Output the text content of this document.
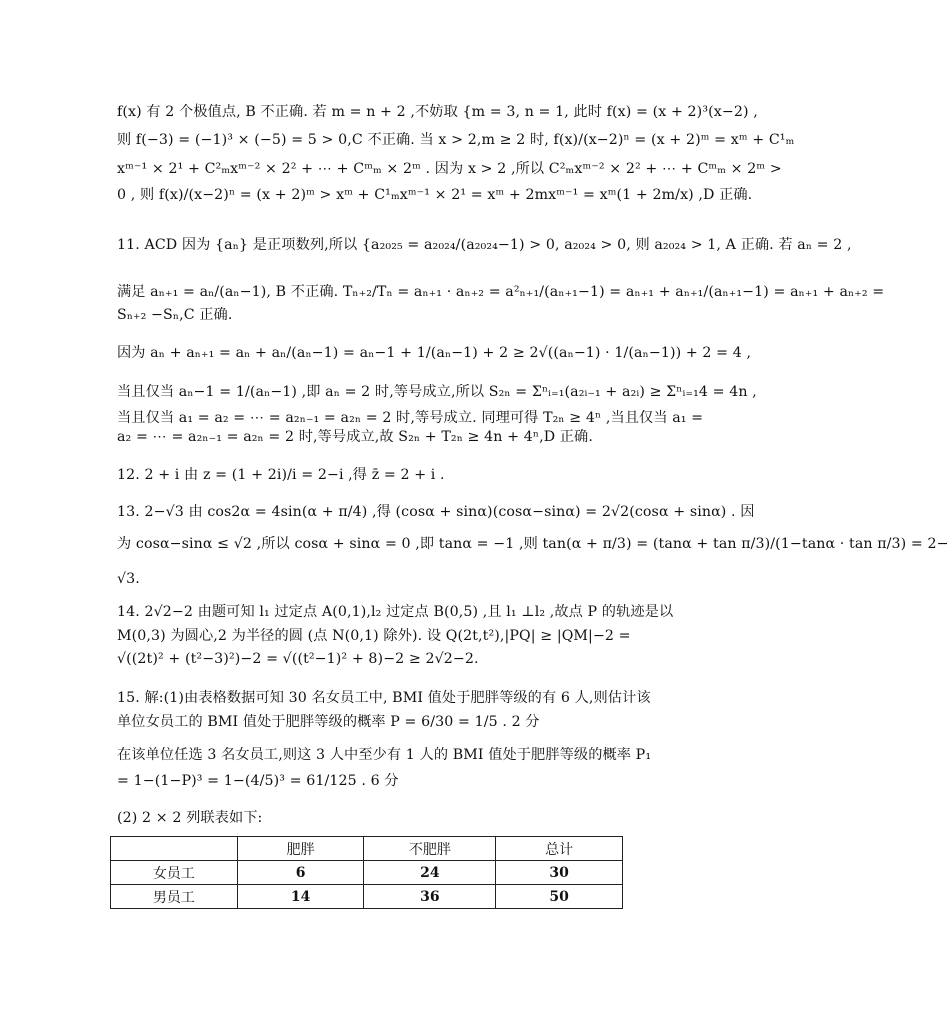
f(x) 有 2 个极值点, B 不正确. 若 m = n + 2 ,不妨取 {m = 3, n = 1, 此时 f(x) = (x + 2)³(x−2) ,
则 f(−3) = (−1)³ × (−5) = 5 > 0,C 不正确. 当 x > 2,m ≥ 2 时, f(x)/(x−2)ⁿ = (x + 2)ᵐ = xᵐ + C¹ₘ
xᵐ⁻¹ × 2¹ + C²ₘxᵐ⁻² × 2² + ⋯ + Cᵐₘ × 2ᵐ . 因为 x > 2 ,所以 C²ₘxᵐ⁻² × 2² + ⋯ + Cᵐₘ × 2ᵐ >
0 , 则 f(x)/(x−2)ⁿ = (x + 2)ᵐ > xᵐ + C¹ₘxᵐ⁻¹ × 2¹ = xᵐ + 2mxᵐ⁻¹ = xᵐ(1 + 2m/x) ,D 正确.
11. ACD 因为 {aₙ} 是正项数列,所以 {a₂₀₂₅ = a₂₀₂₄/(a₂₀₂₄−1) > 0, a₂₀₂₄ > 0, 则 a₂₀₂₄ > 1, A 正确. 若 aₙ = 2 ,
满足 aₙ₊₁ = aₙ/(aₙ−1), B 不正确. Tₙ₊₂/Tₙ = aₙ₊₁ · aₙ₊₂ = a²ₙ₊₁/(aₙ₊₁−1) = aₙ₊₁ + aₙ₊₁/(aₙ₊₁−1) = aₙ₊₁ + aₙ₊₂ =
Sₙ₊₂ −Sₙ,C 正确.
因为 aₙ + aₙ₊₁ = aₙ + aₙ/(aₙ−1) = aₙ−1 + 1/(aₙ−1) + 2 ≥ 2√((aₙ−1) · 1/(aₙ−1)) + 2 = 4 ,
当且仅当 aₙ−1 = 1/(aₙ−1) ,即 aₙ = 2 时,等号成立,所以 S₂ₙ = Σⁿᵢ₌₁(a₂ᵢ₋₁ + a₂ᵢ) ≥ Σⁿᵢ₌₁4 = 4n ,
当且仅当 a₁ = a₂ = ⋯ = a₂ₙ₋₁ = a₂ₙ = 2 时,等号成立. 同理可得 T₂ₙ ≥ 4ⁿ ,当且仅当 a₁ =
a₂ = ⋯ = a₂ₙ₋₁ = a₂ₙ = 2 时,等号成立,故 S₂ₙ + T₂ₙ ≥ 4n + 4ⁿ,D 正确.
12. 2 + i 由 z = (1 + 2i)/i = 2−i ,得 z̄ = 2 + i .
13. 2−√3 由 cos2α = 4sin(α + π/4) ,得 (cosα + sinα)(cosα−sinα) = 2√2(cosα + sinα) . 因
为 cosα−sinα ≤ √2 ,所以 cosα + sinα = 0 ,即 tanα = −1 ,则 tan(α + π/3) = (tanα + tan π/3)/(1−tanα · tan π/3) = 2−
√3.
14. 2√2−2 由题可知 l₁ 过定点 A(0,1),l₂ 过定点 B(0,5) ,且 l₁ ⊥l₂ ,故点 P 的轨迹是以
M(0,3) 为圆心,2 为半径的圆 (点 N(0,1) 除外). 设 Q(2t,t²),|PQ| ≥ |QM|−2 =
√((2t)² + (t²−3)²)−2 = √((t²−1)² + 8)−2 ≥ 2√2−2.
15. 解:(1)由表格数据可知 30 名女员工中, BMI 值处于肥胖等级的有 6 人,则估计该
单位女员工的 BMI 值处于肥胖等级的概率 P = 6/30 = 1/5 . 2 分
在该单位任选 3 名女员工,则这 3 人中至少有 1 人的 BMI 值处于肥胖等级的概率 P₁
= 1−(1−P)³ = 1−(4/5)³ = 61/125 . 6 分
(2) 2 × 2 列联表如下:
	肥胖	不肥胖	总计
女员工	6	24	30
男员工	14	36	50
